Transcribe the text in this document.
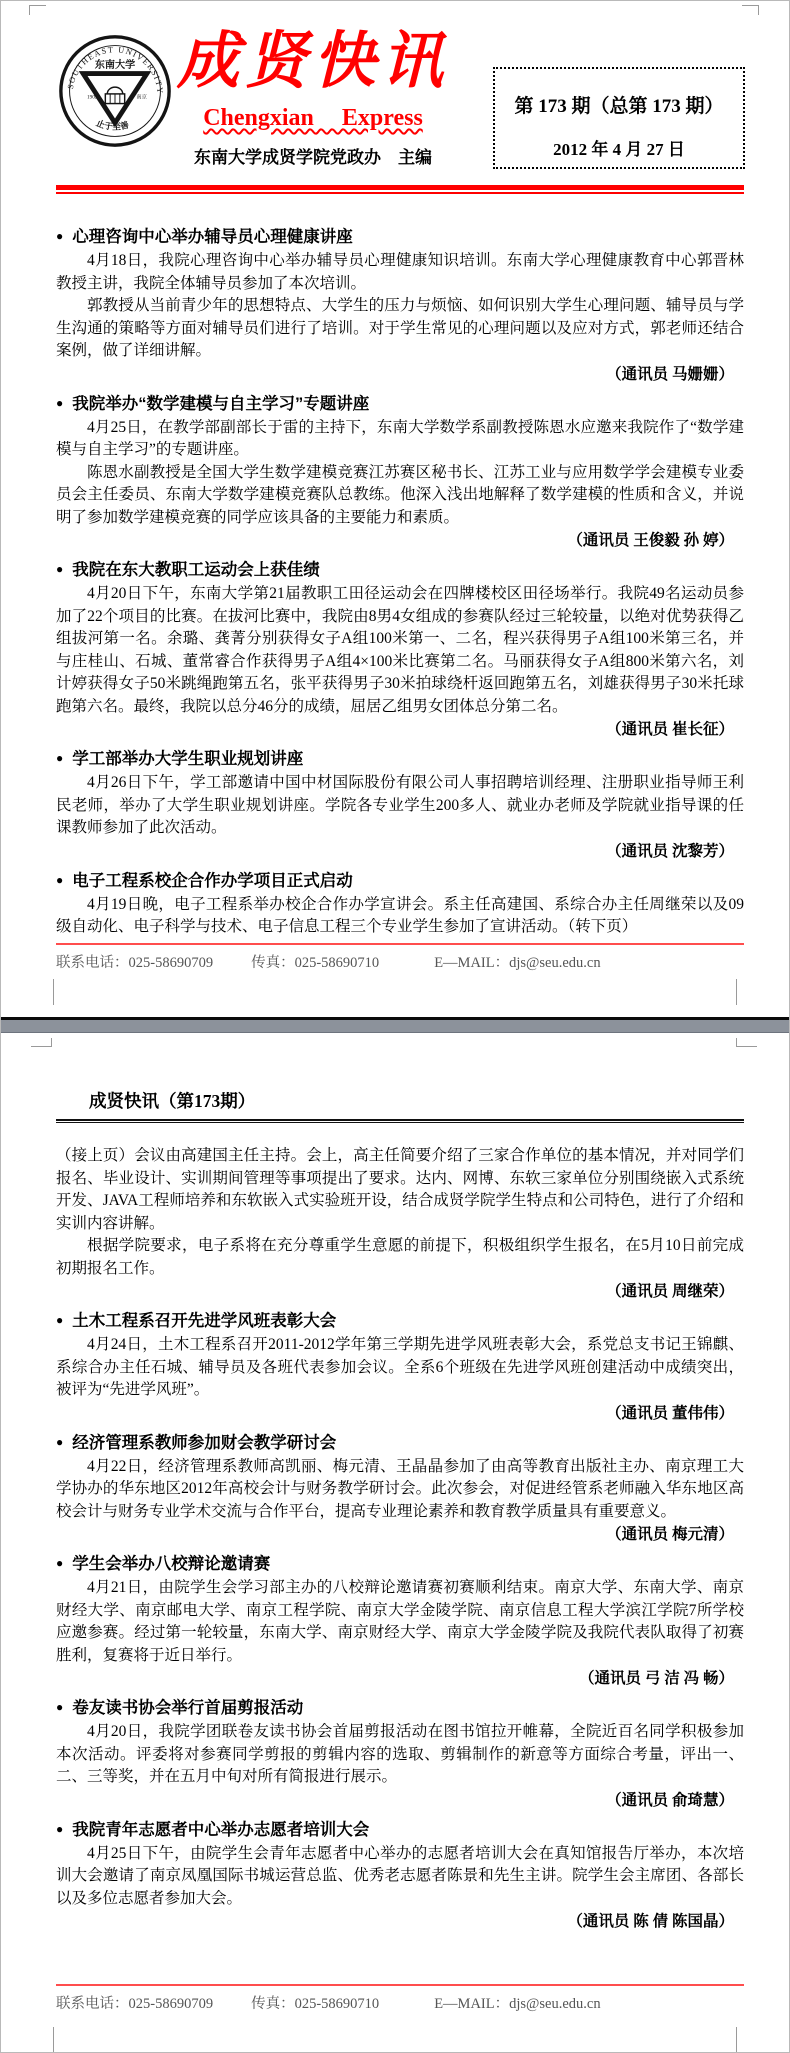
SOUTHEAST UNIVERSITY
东南大学
1902	南京
止于至善
成贤快讯
Chengxian Express
东南大学成贤学院党政办　主编
第 173 期（总第 173 期）
2012 年 4 月 27 日
● 心理咨询中心举办辅导员心理健康讲座

4月18日，我院心理咨询中心举办辅导员心理健康知识培训。东南大学心理健康教育中心郭晋林教授主讲，我院全体辅导员参加了本次培训。

郭教授从当前青少年的思想特点、大学生的压力与烦恼、如何识别大学生心理问题、辅导员与学生沟通的策略等方面对辅导员们进行了培训。对于学生常见的心理问题以及应对方式，郭老师还结合案例，做了详细讲解。

（通讯员 马姗姗）
● 我院举办“数学建模与自主学习”专题讲座

4月25日，在教学部副部长于雷的主持下，东南大学数学系副教授陈恩水应邀来我院作了“数学建模与自主学习”的专题讲座。

陈恩水副教授是全国大学生数学建模竞赛江苏赛区秘书长、江苏工业与应用数学学会建模专业委员会主任委员、东南大学数学建模竞赛队总教练。他深入浅出地解释了数学建模的性质和含义，并说明了参加数学建模竞赛的同学应该具备的主要能力和素质。

（通讯员 王俊毅 孙 婷）
● 我院在东大教职工运动会上获佳绩

4月20日下午，东南大学第21届教职工田径运动会在四牌楼校区田径场举行。我院49名运动员参加了22个项目的比赛。在拔河比赛中，我院由8男4女组成的参赛队经过三轮较量，以绝对优势获得乙组拔河第一名。余璐、龚菁分别获得女子A组100米第一、二名，程兴获得男子A组100米第三名，并与庄桂山、石城、董常睿合作获得男子A组4×100米比赛第二名。马丽获得女子A组800米第六名，刘计婷获得女子50米跳绳跑第五名，张平获得男子30米拍球绕杆返回跑第五名，刘雄获得男子30米托球跑第六名。最终，我院以总分46分的成绩，屈居乙组男女团体总分第二名。

（通讯员 崔长征）
● 学工部举办大学生职业规划讲座

4月26日下午，学工部邀请中国中材国际股份有限公司人事招聘培训经理、注册职业指导师王利民老师，举办了大学生职业规划讲座。学院各专业学生200多人、就业办老师及学院就业指导课的任课教师参加了此次活动。

（通讯员 沈黎芳）
● 电子工程系校企合作办学项目正式启动

4月19日晚，电子工程系举办校企合作办学宣讲会。系主任高建国、系综合办主任周继荣以及09级自动化、电子科学与技术、电子信息工程三个专业学生参加了宣讲活动。（转下页）

联系电话：025-58690709	传真：025-58690710	E—MAIL：djs@seu.edu.cn
成贤快讯（第173期）

（接上页）会议由高建国主任主持。会上，高主任简要介绍了三家合作单位的基本情况，并对同学们报名、毕业设计、实训期间管理等事项提出了要求。达内、网博、东软三家单位分别围绕嵌入式系统开发、JAVA工程师培养和东软嵌入式实验班开设，结合成贤学院学生特点和公司特色，进行了介绍和实训内容讲解。

根据学院要求，电子系将在充分尊重学生意愿的前提下，积极组织学生报名，在5月10日前完成初期报名工作。

（通讯员 周继荣）
● 土木工程系召开先进学风班表彰大会

4月24日，土木工程系召开2011-2012学年第三学期先进学风班表彰大会，系党总支书记王锦麒、系综合办主任石城、辅导员及各班代表参加会议。全系6个班级在先进学风班创建活动中成绩突出，被评为“先进学风班”。

（通讯员 董伟伟）
● 经济管理系教师参加财会教学研讨会

4月22日，经济管理系教师高凯丽、梅元清、王晶晶参加了由高等教育出版社主办、南京理工大学协办的华东地区2012年高校会计与财务教学研讨会。此次参会，对促进经管系老师融入华东地区高校会计与财务专业学术交流与合作平台，提高专业理论素养和教育教学质量具有重要意义。

（通讯员 梅元清）
● 学生会举办八校辩论邀请赛

4月21日，由院学生会学习部主办的八校辩论邀请赛初赛顺利结束。南京大学、东南大学、南京财经大学、南京邮电大学、南京工程学院、南京大学金陵学院、南京信息工程大学滨江学院7所学校应邀参赛。经过第一轮较量，东南大学、南京财经大学、南京大学金陵学院及我院代表队取得了初赛胜利，复赛将于近日举行。

（通讯员 弓 洁 冯 畅）
● 卷友读书协会举行首届剪报活动

4月20日，我院学团联卷友读书协会首届剪报活动在图书馆拉开帷幕，全院近百名同学积极参加本次活动。评委将对参赛同学剪报的剪辑内容的选取、剪辑制作的新意等方面综合考量，评出一、二、三等奖，并在五月中旬对所有简报进行展示。

（通讯员 俞琦慧）
● 我院青年志愿者中心举办志愿者培训大会

4月25日下午，由院学生会青年志愿者中心举办的志愿者培训大会在真知馆报告厅举办，本次培训大会邀请了南京凤凰国际书城运营总监、优秀老志愿者陈景和先生主讲。院学生会主席团、各部长以及多位志愿者参加大会。

（通讯员 陈 倩 陈国晶）
联系电话：025-58690709	传真：025-58690710	E—MAIL：djs@seu.edu.cn
